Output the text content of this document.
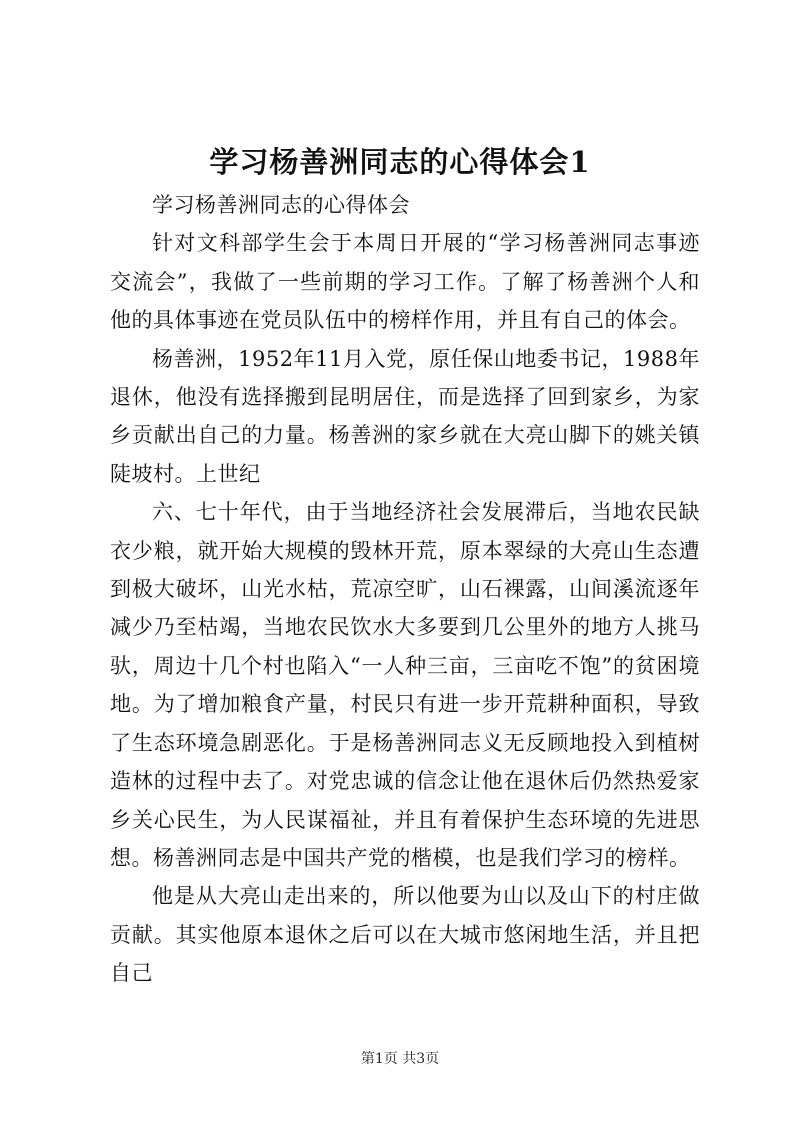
学习杨善洲同志的心得体会1

学习杨善洲同志的心得体会

针对文科部学生会于本周日开展的“学习杨善洲同志事迹交流会”，我做了一些前期的学习工作。了解了杨善洲个人和他的具体事迹在党员队伍中的榜样作用，并且有自己的体会。

杨善洲，1952年11月入党，原任保山地委书记，1988年退休，他没有选择搬到昆明居住，而是选择了回到家乡，为家乡贡献出自己的力量。杨善洲的家乡就在大亮山脚下的姚关镇陡坡村。上世纪

六、七十年代，由于当地经济社会发展滞后，当地农民缺衣少粮，就开始大规模的毁林开荒，原本翠绿的大亮山生态遭到极大破坏，山光水枯，荒凉空旷，山石裸露，山间溪流逐年减少乃至枯竭，当地农民饮水大多要到几公里外的地方人挑马驮，周边十几个村也陷入“一人种三亩，三亩吃不饱”的贫困境地。为了增加粮食产量，村民只有进一步开荒耕种面积，导致了生态环境急剧恶化。于是杨善洲同志义无反顾地投入到植树造林的过程中去了。对党忠诚的信念让他在退休后仍然热爱家乡关心民生，为人民谋福祉，并且有着保护生态环境的先进思想。杨善洲同志是中国共产党的楷模，也是我们学习的榜样。

他是从大亮山走出来的，所以他要为山以及山下的村庄做贡献。其实他原本退休之后可以在大城市悠闲地生活，并且把自己

第1页 共3页
